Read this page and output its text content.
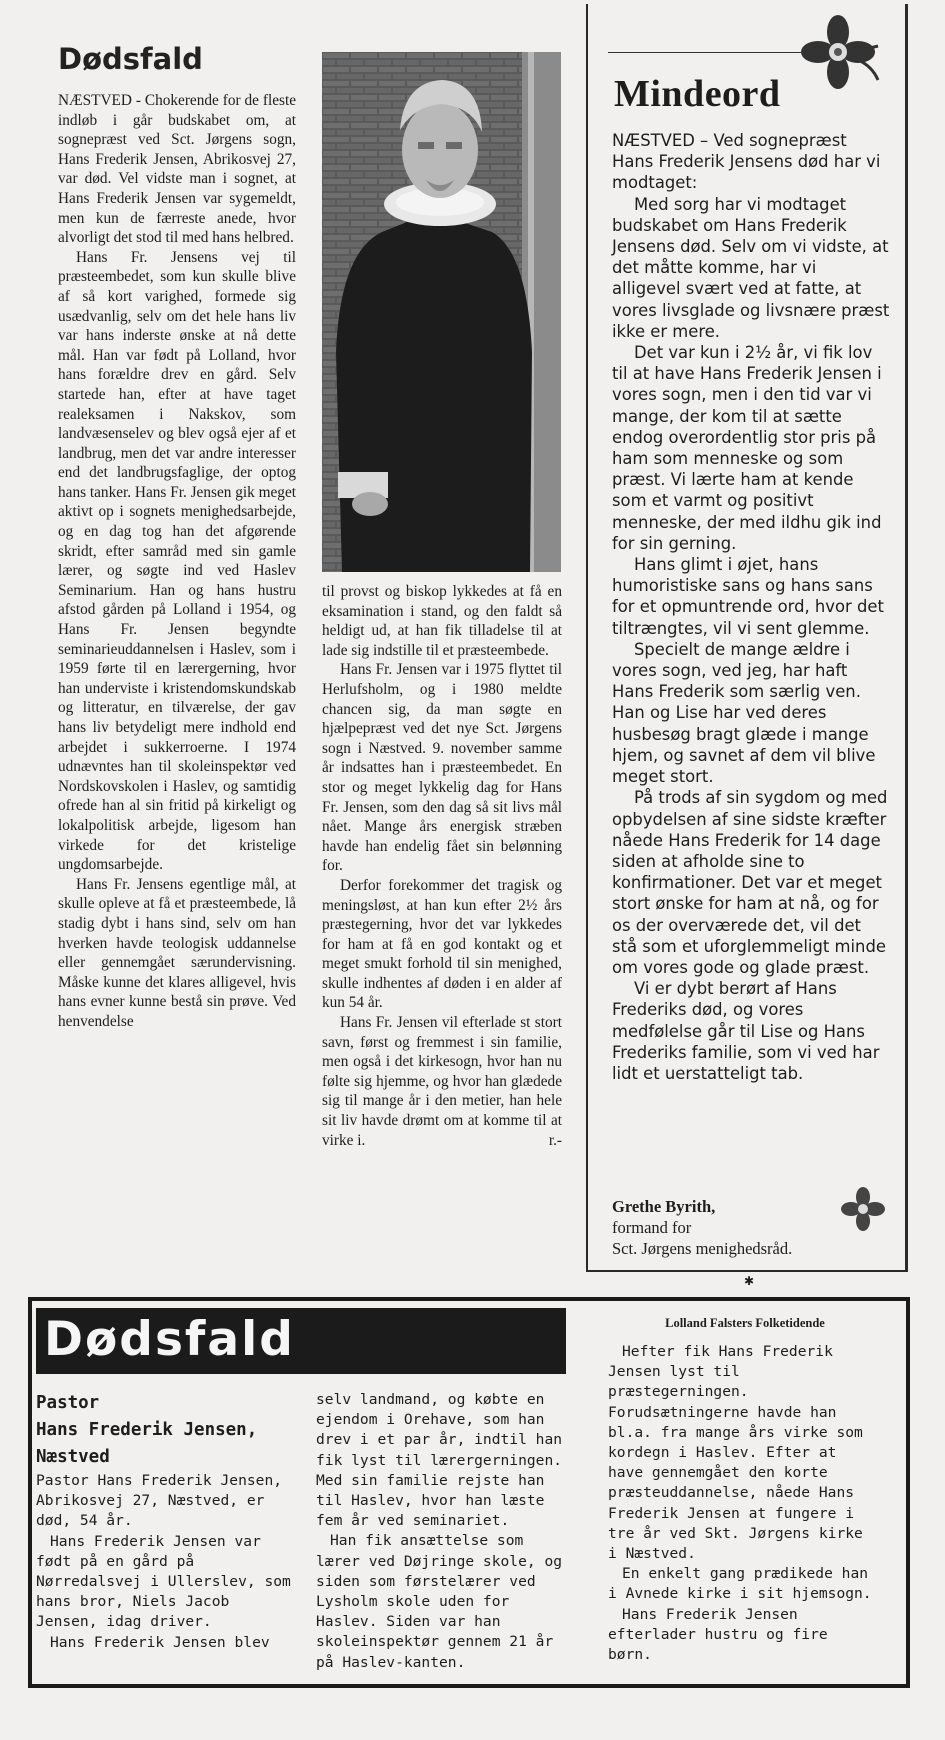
Dødsfald

NÆSTVED - Chokerende for de fleste indløb i går budskabet om, at sognepræst ved Sct. Jørgens sogn, Hans Frederik Jensen, Abrikosvej 27, var død. Vel vidste man i sognet, at Hans Frederik Jensen var sygemeldt, men kun de færreste anede, hvor alvorligt det stod til med hans helbred.

Hans Fr. Jensens vej til præsteembedet, som kun skulle blive af så kort varighed, formede sig usædvanlig, selv om det hele hans liv var hans inderste ønske at nå dette mål. Han var født på Lolland, hvor hans forældre drev en gård. Selv startede han, efter at have taget realeksamen i Nakskov, som landvæsenselev og blev også ejer af et landbrug, men det var andre interesser end det landbrugsfaglige, der optog hans tanker. Hans Fr. Jensen gik meget aktivt op i sognets menighedsarbejde, og en dag tog han det afgørende skridt, efter samråd med sin gamle lærer, og søgte ind ved Haslev Seminarium. Han og hans hustru afstod gården på Lolland i 1954, og Hans Fr. Jensen begyndte seminarieuddannelsen i Haslev, som i 1959 førte til en lærergerning, hvor han underviste i kristendomskundskab og litteratur, en tilværelse, der gav hans liv betydeligt mere indhold end arbejdet i sukkerroerne. I 1974 udnævntes han til skoleinspektør ved Nordskovskolen i Haslev, og samtidig ofrede han al sin fritid på kirkeligt og lokalpolitisk arbejde, ligesom han virkede for det kristelige ungdomsarbejde.

Hans Fr. Jensens egentlige mål, at skulle opleve at få et præsteembede, lå stadig dybt i hans sind, selv om han hverken havde teologisk uddannelse eller gennemgået særundervisning. Måske kunne det klares alligevel, hvis hans evner kunne bestå sin prøve. Ved henvendelse

til provst og biskop lykkedes at få en eksamination i stand, og den faldt så heldigt ud, at han fik tilladelse til at lade sig indstille til et præsteembede.

Hans Fr. Jensen var i 1975 flyttet til Herlufsholm, og i 1980 meldte chancen sig, da man søgte en hjælpepræst ved det nye Sct. Jørgens sogn i Næstved. 9. november samme år indsattes han i præsteembedet. En stor og meget lykkelig dag for Hans Fr. Jensen, som den dag så sit livs mål nået. Mange års energisk stræben havde han endelig fået sin belønning for.

Derfor forekommer det tragisk og meningsløst, at han kun efter 2½ års præstegerning, hvor det var lykkedes for ham at få en god kontakt og et meget smukt forhold til sin menighed, skulle indhentes af døden i en alder af kun 54 år.

Hans Fr. Jensen vil efterlade st stort savn, først og fremmest i sin familie, men også i det kirkesogn, hvor han nu følte sig hjemme, og hvor han glædede sig til mange år i den metier, han hele sit liv havde drømt om at komme til at virke i.	r.-

Mindeord

NÆSTVED – Ved sognepræst Hans Frederik Jensens død har vi modtaget:

Med sorg har vi modtaget budskabet om Hans Frederik Jensens død. Selv om vi vidste, at det måtte komme, har vi alligevel svært ved at fatte, at vores livsglade og livsnære præst ikke er mere.

Det var kun i 2½ år, vi fik lov til at have Hans Frederik Jensen i vores sogn, men i den tid var vi mange, der kom til at sætte endog overordentlig stor pris på ham som menneske og som præst. Vi lærte ham at kende som et varmt og positivt menneske, der med ildhu gik ind for sin gerning.

Hans glimt i øjet, hans humoristiske sans og hans sans for et opmuntrende ord, hvor det tiltrængtes, vil vi sent glemme.

Specielt de mange ældre i vores sogn, ved jeg, har haft Hans Frederik som særlig ven. Han og Lise har ved deres husbesøg bragt glæde i mange hjem, og savnet af dem vil blive meget stort.

På trods af sin sygdom og med opbydelsen af sine sidste kræfter nåede Hans Frederik for 14 dage siden at afholde sine to konfirmationer. Det var et meget stort ønske for ham at nå, og for os der overværede det, vil det stå som et uforglemmeligt minde om vores gode og glade præst.

Vi er dybt berørt af Hans Frederiks død, og vores medfølelse går til Lise og Hans Frederiks familie, som vi ved har lidt et uerstatteligt tab.

Grethe Byrith,
formand for
Sct. Jørgens menighedsråd.
✱
Dødsfald	Lolland Falsters Folketidende
Pastor
Hans Frederik Jensen,
Næstved

Pastor Hans Frederik Jensen, Abrikosvej 27, Næstved, er død, 54 år.

Hans Frederik Jensen var født på en gård på Nørredalsvej i Ullerslev, som hans bror, Niels Jacob Jensen, idag driver.

Hans Frederik Jensen blev

selv landmand, og købte en ejendom i Orehave, som han drev i et par år, indtil han fik lyst til lærergerningen. Med sin familie rejste han til Haslev, hvor han læste fem år ved seminariet.

Han fik ansættelse som lærer ved Døjringe skole, og siden som førstelærer ved Lysholm skole uden for Haslev. Siden var han skoleinspektør gennem 21 år på Haslev-kanten.

Hefter fik Hans Frederik Jensen lyst til præstegerningen. Forudsætningerne havde han bl.a. fra mange års virke som kordegn i Haslev. Efter at have gennemgået den korte præsteuddannelse, nåede Hans Frederik Jensen at fungere i tre år ved Skt. Jørgens kirke i Næstved.

En enkelt gang prædikede han i Avnede kirke i sit hjemsogn.

Hans Frederik Jensen efterlader hustru og fire børn.
